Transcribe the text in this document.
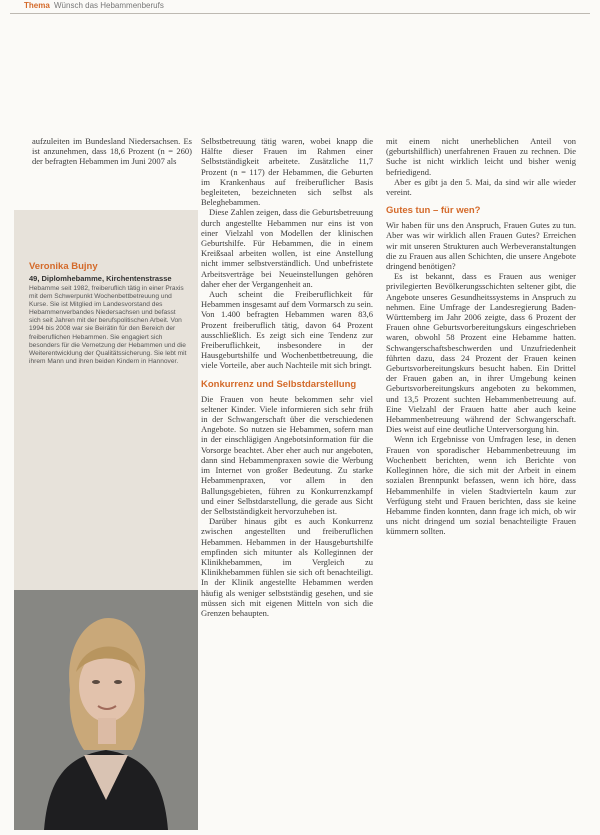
Thema Wünsch das Hebammenberufs

aufzuleiten im Bundesland Niedersachsen. Es ist anzunehmen, dass 18,6 Prozent (n = 260) der befragten Hebammen im Juni 2007 als

Veronika Bujny
49, Diplomhebamme, Kirchentenstrasse
Hebamme seit 1982, freiberuflich tätig in einer Praxis mit dem Schwerpunkt Wochenbettbetreuung und Kurse. Sie ist Mitglied im Landesvorstand des Hebammenverbandes Niedersachsen und befasst sich seit Jahren mit der berufspolitischen Arbeit. Von 1994 bis 2008 war sie Beirätin für den Bereich der freiberuflichen Hebammen. Sie engagiert sich besonders für die Vernetzung der Hebammen und die Weiterentwicklung der Qualitätssicherung. Sie lebt mit ihrem Mann und ihren beiden Kindern in Hannover.

Selbstbetreuung tätig waren, wobei knapp die Hälfte dieser Frauen im Rahmen einer Selbstständigkeit arbeitete. Zusätzliche 11,7 Prozent (n = 117) der Hebammen, die Geburten im Krankenhaus auf freiberuflicher Basis begleiteten, bezeichneten sich selbst als Beleghebammen.

Diese Zahlen zeigen, dass die Geburtsbetreuung durch angestellte Hebammen nur eins ist von einer Vielzahl von Modellen der klinischen Geburtshilfe. Für Hebammen, die in einem Kreißsaal arbeiten wollen, ist eine Anstellung nicht immer selbstverständlich. Und unbefristete Arbeitsverträge bei Neueinstellungen gehören daher eher der Vergangenheit an.

Auch scheint die Freiberuflichkeit für Hebammen insgesamt auf dem Vormarsch zu sein. Von 1.400 befragten Hebammen waren 83,6 Prozent freiberuflich tätig, davon 64 Prozent ausschließlich. Es zeigt sich eine Tendenz zur Freiberuflichkeit, insbesondere in der Hausgeburtshilfe und Wochenbettbetreuung, die viele Vorteile, aber auch Nachteile mit sich bringt.

Konkurrenz und Selbstdarstellung

Die Frauen von heute bekommen sehr viel seltener Kinder. Viele informieren sich sehr früh in der Schwangerschaft über die verschiedenen Angebote. So nutzen sie Hebammen, sofern man in der einschlägigen Angebotsinformation für die Vorsorge beachtet. Aber eher auch nur angeboten, dann sind Hebammenpraxen sowie die Werbung im Internet von großer Bedeutung. Zu starke Hebammenpraxen, vor allem in den Ballungsgebieten, führen zu Konkurrenzkampf und einer Selbstdarstellung, die gerade aus Sicht der Selbstständigkeit hervorzuheben ist.

Darüber hinaus gibt es auch Konkurrenz zwischen angestellten und freiberuflichen Hebammen. Hebammen in der Hausgeburtshilfe empfinden sich mitunter als Kolleginnen der Klinikhebammen, im Vergleich zu Klinikhebammen fühlen sie sich oft benachteiligt. In der Klinik angestellte Hebammen werden häufig als weniger selbstständig gesehen, und sie müssen sich mit eigenen Mitteln von sich die Grenzen behaupten.

mit einem nicht unerheblichen Anteil von (geburtshilflich) unerfahrenen Frauen zu rechnen. Die Suche ist nicht wirklich leicht und bisher wenig befriedigend.

Aber es gibt ja den 5. Mai, da sind wir alle wieder vereint.

Gutes tun – für wen?

Wir haben für uns den Anspruch, Frauen Gutes zu tun. Aber was wir wirklich allen Frauen Gutes? Erreichen wir mit unseren Strukturen auch Werbeveranstaltungen die zu Frauen aus allen Schichten, die unsere Angebote dringend benötigen?

Es ist bekannt, dass es Frauen aus weniger privilegierten Bevölkerungsschichten seltener gibt, die Angebote unseres Gesundheitssystems in Anspruch zu nehmen. Eine Umfrage der Landesregierung Baden-Württemberg im Jahr 2006 zeigte, dass 6 Prozent der Frauen ohne Geburtsvorbereitungskurs eingeschrieben waren, obwohl 58 Prozent eine Hebamme hatten. Schwangerschaftsbeschwerden und Unzufriedenheit führten dazu, dass 24 Prozent der Frauen keinen Geburtsvorbereitungskurs besucht haben. Ein Drittel der Frauen gaben an, in ihrer Umgebung keinen Geburtsvorbereitungskurs angeboten zu bekommen, und 13,5 Prozent suchten Hebammenbetreuung auf. Eine Vielzahl der Frauen hatte aber auch keine Hebammenbetreuung während der Schwangerschaft. Dies weist auf eine deutliche Unterversorgung hin.

Wenn ich Ergebnisse von Umfragen lese, in denen Frauen von sporadischer Hebammenbetreuung im Wochenbett berichten, wenn ich Berichte von Kolleginnen höre, die sich mit der Arbeit in einem sozialen Brennpunkt befassen, wenn ich höre, dass Hebammenhilfe in vielen Stadtvierteln kaum zur Verfügung steht und Frauen berichten, dass sie keine Hebamme finden konnten, dann frage ich mich, ob wir uns nicht dringend um sozial benachteiligte Frauen kümmern sollten.
